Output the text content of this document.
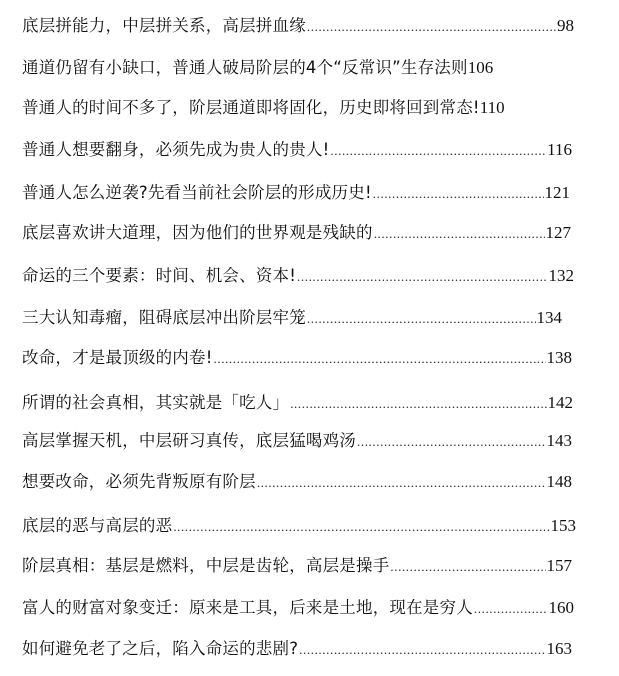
底层拼能力，中层拼关系，高层拼血缘 .....	98
通道仍留有小缺口，普通人破局阶层的4个“反常识”生存法则 106
普通人的时间不多了，阶层通道即将固化，历史即将回到常态! 110
普通人想要翻身，必须先成为贵人的贵人! .....	116
普通人怎么逆袭?先看当前社会阶层的形成历史! .....	121
底层喜欢讲大道理，因为他们的世界观是残缺的 .....	127
命运的三个要素：时间、机会、资本! .....	132
三大认知毒瘤，阻碍底层冲出阶层牢笼 .....	134
改命，才是最顶级的内卷! .....	138
所谓的社会真相，其实就是「吃人」 .....	142
高层掌握天机，中层研习真传，底层猛喝鸡汤 .....	143
想要改命，必须先背叛原有阶层 .....	148
底层的恶与高层的恶 .....	153
阶层真相：基层是燃料，中层是齿轮，高层是操手 .....	157
富人的财富对象变迁：原来是工具，后来是土地，现在是穷人 .....	160
如何避免老了之后，陷入命运的悲剧? .....	163
